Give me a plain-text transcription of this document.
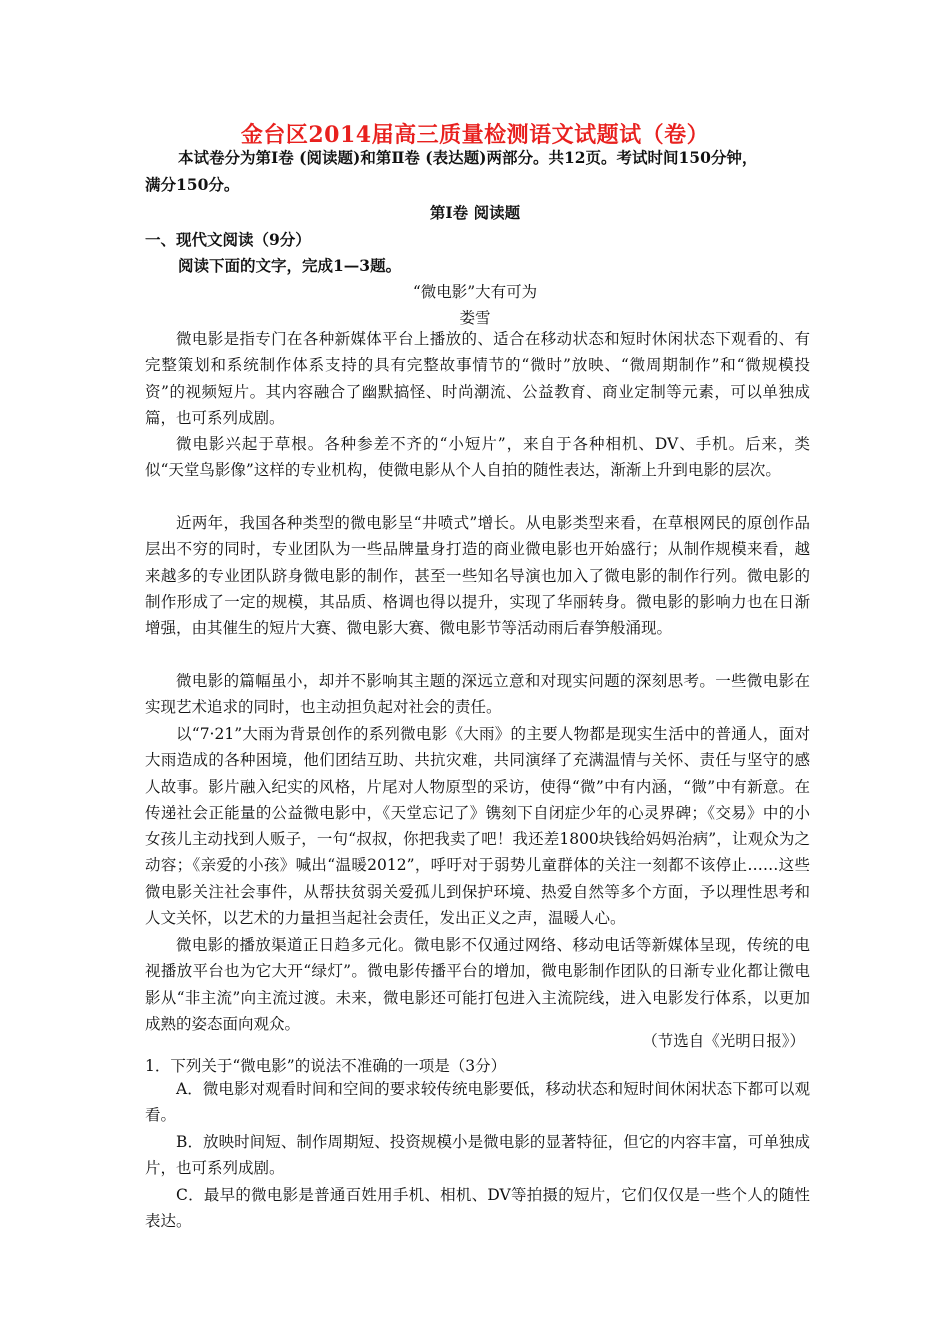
金台区2014届高三质量检测语文试题试（卷）
本试卷分为第Ⅰ卷 (阅读题)和第Ⅱ卷 (表达题)两部分。共12页。考试时间150分钟，
满分150分。
第Ⅰ卷 阅读题
一、现代文阅读（9分）
阅读下面的文字，完成1—3题。
“微电影”大有可为
娄雪
微电影是指专门在各种新媒体平台上播放的、适合在移动状态和短时休闲状态下观看的、有完整策划和系统制作体系支持的具有完整故事情节的“微时”放映、“微周期制作”和“微规模投资”的视频短片。其内容融合了幽默搞怪、时尚潮流、公益教育、商业定制等元素，可以单独成篇，也可系列成剧。
微电影兴起于草根。各种参差不齐的“小短片”，来自于各种相机、DV、手机。后来，类似“天堂鸟影像”这样的专业机构，使微电影从个人自拍的随性表达，渐渐上升到电影的层次。
近两年，我国各种类型的微电影呈“井喷式”增长。从电影类型来看，在草根网民的原创作品层出不穷的同时，专业团队为一些品牌量身打造的商业微电影也开始盛行；从制作规模来看，越来越多的专业团队跻身微电影的制作，甚至一些知名导演也加入了微电影的制作行列。微电影的制作形成了一定的规模，其品质、格调也得以提升，实现了华丽转身。微电影的影响力也在日渐增强，由其催生的短片大赛、微电影大赛、微电影节等活动雨后春笋般涌现。
微电影的篇幅虽小，却并不影响其主题的深远立意和对现实问题的深刻思考。一些微电影在实现艺术追求的同时，也主动担负起对社会的责任。
以“7·21”大雨为背景创作的系列微电影《大雨》的主要人物都是现实生活中的普通人，面对大雨造成的各种困境，他们团结互助、共抗灾难，共同演绎了充满温情与关怀、责任与坚守的感人故事。影片融入纪实的风格，片尾对人物原型的采访，使得“微”中有内涵，“微”中有新意。在传递社会正能量的公益微电影中，《天堂忘记了》镌刻下自闭症少年的心灵界碑；《交易》中的小女孩儿主动找到人贩子，一句“叔叔，你把我卖了吧！我还差1800块钱给妈妈治病”，让观众为之动容；《亲爱的小孩》喊出“温暖2012”，呼吁对于弱势儿童群体的关注一刻都不该停止……这些微电影关注社会事件，从帮扶贫弱关爱孤儿到保护环境、热爱自然等多个方面，予以理性思考和人文关怀，以艺术的力量担当起社会责任，发出正义之声，温暖人心。
微电影的播放渠道正日趋多元化。微电影不仅通过网络、移动电话等新媒体呈现，传统的电视播放平台也为它大开“绿灯”。微电影传播平台的增加，微电影制作团队的日渐专业化都让微电影从“非主流”向主流过渡。未来，微电影还可能打包进入主流院线，进入电影发行体系，以更加成熟的姿态面向观众。
（节选自《光明日报》）
1．下列关于“微电影”的说法不准确的一项是（3分）
A．微电影对观看时间和空间的要求较传统电影要低，移动状态和短时间休闲状态下都可以观看。
B．放映时间短、制作周期短、投资规模小是微电影的显著特征，但它的内容丰富，可单独成片，也可系列成剧。
C．最早的微电影是普通百姓用手机、相机、DV等拍摄的短片，它们仅仅是一些个人的随性表达。
